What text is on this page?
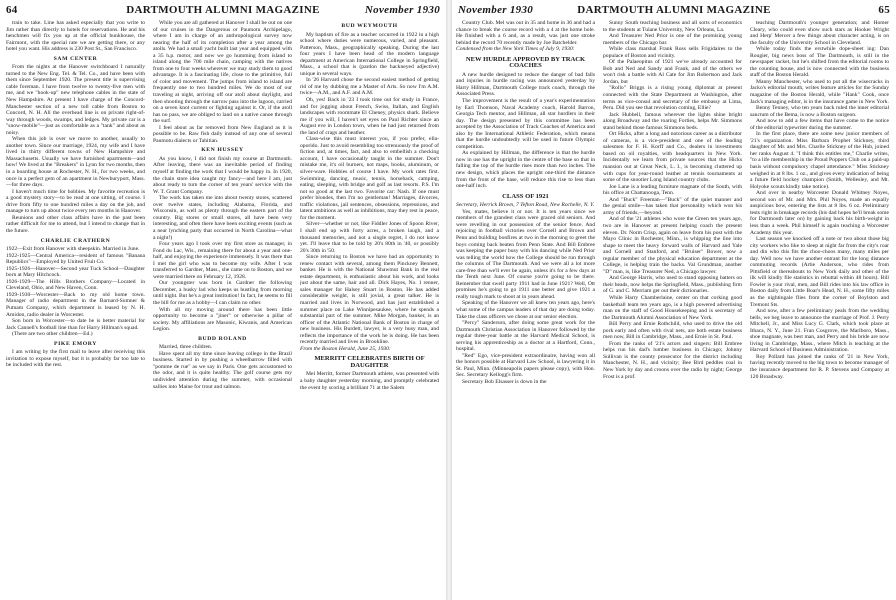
64	DARTMOUTH ALUMNI MAGAZINE	November 1930

train to take. Line has asked especially that you write to Jim rather than directly to hotels for reservations. He and his henchmen will fix you up at the official bunkhouse, the Fairmont, with the special rate we are getting there, or any hotel you want. His address is 230 Post St., San Francisco.

SAM CENTER

From the nights at the Hanover switchboard I naturally turned to the New Eng. Tel. & Tel. Co., and have been with them since September 1920. The present title is supervising cable foreman. I have from twelve to twenty-five men with me, and we "hook-up" new telephone cables in the state of New Hampshire. At present I have charge of the Concord-Manchester section of a new toll cable from Boston to Concord, N. H. All the overhead line is on private right-of-way through woods, swamps, and ledges. My private car is a "snow-mobile"—just as comfortable as a "tank" and about as noisy.

When this job is over we move to another, usually to another town. Since our marriage, 1924, my wife and I have lived in thirty different towns of New Hampshire and Massachusetts. Usually we have furnished apartments—and how! We lived at the "Breakers" in Lynn for two months, then in a boarding house at Rochester, N. H., for two weeks, and once in a perfect gem of an apartment in Newburyport, Mass.—for three days.

I haven't much time for hobbies. My favorite recreation is a good mystery story—to be read at one sitting, of course. I drive from fifty to one hundred miles a day on the job, and manage to turn up about twice every ten months in Hanover.

Reunions and other class affairs have in the past been rather difficult for me to attend, but I intend to change that in the future.

CHARLIE CRATHERN

1922—Exit from Hanover with sheepskin. Married in June.

1922-1925—Central America—resident of famous "Banana Republics"—Employed by United Fruit Co.

1925-1926—Hanover—Second year Tuck School—Daughter born at Mary Hitchcock.

1926-1929—The Hills Brothers Company—Located in Cleveland, Ohio, and New Haven, Conn.

1929-1930—Worcester—Back to my old home town. Manager of radio department in the Barnard-Sumner & Putnam Company, which department is leased by N. H. Amidon, radio dealer in Worcester.

Son born in Worcester—to date he is better material for Jack Cannell's football line than for Harry Hillman's squad.

(There are two other children—Ed.)

PIKE EMORY

I am writing by the first mail to leave after receiving this invitation to expose myself, but it is probably far too late to be included with the rest.

While you are all gathered at Hanover I shall be out on one of our cruises in the Dangerous or Paumotu Archipelago, where I am in charge of an anthropological survey now nearing the half of its completion after a year among the atolls. We had a small yacht built last year and equipped with a 35 h.p. motor, and now we go humming from island to island along the 700 mile chain, camping with the natives from one to four weeks wherever we may study them to good advantage. It is a fascinating life, close to the primitive, full of color and movement. The jumps from island to island are frequently one to two hundred miles. We do most of our traveling at night, arriving off our atoll about daylight, and then shooting through the narrow pass into the lagoon, carried on a seven knot current or fighting against it. Or, if the atoll has no pass, we are obliged to land on a native canoe through the surf.

I feel about as far removed from New England as it is possible to be. Raw fish daily instead of any one of several Paumotu dialects or Tahitian.

KEN HUSSEY

As you know, I did not finish my course at Dartmouth. After leaving, there was an inevitable period of finding myself at finding the work that I would be happy in. In 1920, the chain store idea caught my fancy—and here I am, just about ready to turn the corner of ten years' service with the W. T. Grant Company.

The work has taken me into about twenty stores, scattered over twelve states, including Alabama, Florida, and Wisconsin, as well as plenty through the eastern part of the country. Big stores or small stores, all have been very interesting, and often there have been exciting events (such as a near lynching party that occurred in North Carolina—what a night!)

Four years ago I took over my first store as manager, in Fond du Lac, Wis., remaining there for about a year and one-half, and enjoying the experience immensely. It was there that I met the girl who was to become my wife. After I was transferred to Gardner, Mass., she came on to Boston, and we were married there on February 12, 1928.

Our youngster was born in Gardner the following December, a husky lad who keeps us hustling from morning until night. But he's a great institution! In fact, he seems to fill the bill for me as a hobby—I can claim no other.

With all my moving around there has been little opportunity to become a "jiner" or otherwise a pillar of society. My affiliations are Masonic, Kiwanis, and American Legion.

BUDD ROLAND

Married, three children.

Have spent all my time since leaving college in the Brazil business. Started in by pushing a wheelbarrow filled with "pomme de rue" as we say in Paris. One gets accustomed to the odor, and it is quite healthy. The golf course gets my undivided attention during the summer, with occasional sallies into Maine for trout and salmon.

BUD WEYMOUTH

My baptism of fire as a teacher occurred in 1922 in a high school where duties were numerous, varied, and pleasant. Patterson, Mass., geographically speaking. During the last four years I have been head of the modern language department at American International College in Springfield, Mass., a school that is (pardon the hackneyed adjective) unique in several ways.

In '26 Harvard chose the second easiest method of getting rid of me by dubbing me a Master of Arts. So now I'm A.M. twice—A.M., and A.F. and A.M.

Oh, yes! Back in '23 I took time out for study in France, and for jogging about French, Swiss, Italian, and English landscapes with roommate El Cheney, physics shark. Believe me if you will, I haven't set eyes on Paul Richter since an August eve in London town, when he had just returned from the land of crags and heather.

Class-wise this must interest you, if you prefer, ella-oporido. Just to avoid resembling too strenuously the proof of fiction and, at times, fact, and also to embellish a checking account, I have occasionally taught in the summer. Don't mistake me, it's oil burners, not maps, books, aluminum, or silver-ware. Hobbies of course I have. My work rates first. Swimming, dancing, music, tennis, horseback, camping, eating, sleeping, with bridge and golf as last resorts. P.S. I'm not so good at the last two. Favorite car: Nash. If one must prefer blondes, then I'm no gentleman! Marriages, divorces, traffic violations, jail sentences, obsessions, repressions, and latent ambitions as well as inhibitions, may they rest in peace, for the moment.

Silver—whether or not, like Fiddler Jones of Spoon River, I shall end up with forty acres, a broken laugh, and a thousand memories, and not a single regret, I do not know yet. I'll leave that to be told by 20's 80th in '40, or possibly 20's 30th in '50.

Since returning to Boston we have had an opportunity to renew contact with several, among them Pinckney Bennett, banker. He is with the National Shawmut Bank in the real estate department, is enthusiastic about his work, and looks just about the same, hair and all. Dick Hayes, No. 1 renner, sales manager for Halsey Stuart in Boston. He has added considerable weight, is still jovial, a great talker. He is married and lives in Norwood, and has just established a summer place on Lake Winnipesaukee, where he spends a substantial part of the summer. Mike Morgan, banker, is an officer of the Atlantic National Bank of Boston in charge of new business. His Burdett, lawyer, is a very busy man, and reflects the importance of the work he is doing. He has been recently married and lives in Brookline.

From the Boston Herald, June 25, 1930:

MERRITT CELEBRATES BIRTH OF DAUGHTER

Mel Merritt, former Dartmouth athlete, was presented with a baby daughter yesterday morning, and promptly celebrated the event by scoring a brilliant 71 at the Salem

November 1930	DARTMOUTH ALUMNI MAGAZINE	65

Country Club. Mel was out in 35 and home in 36 and had a chance to break the course record with a 4 at the home hole. He finished with a 6 and, as a result, was just one stroke behind the record 70 recently made by Joe Batchelder.

Condensed from the New York Times of July 9, 1930:

NEW HURDLE APPROVED BY TRACK COACHES

A new hurdle designed to reduce the danger of bad falls and injuries in hurdle racing was announced yesterday by Harry Hillman, Dartmouth College track coach, through the Associated Press.

The improvement is the result of a year's experimentation by Earl Thomson, Naval Academy coach, Harold Barron, Georgia Tech mentor, and Hillman, all star hurdlers in their day. The design presented by this committee has been accepted by the Association of Track Coaches of America and also by the International Athletic Federation, which means that the hurdle undoubtedly will be used in future Olympic competition.

As explained by Hillman, the difference is that the hurdle now in use has the upright in the centre of the base so that in falling the top of the hurdle rises more than two inches. The new design, which places the upright one-third the distance from the front of the base, will reduce this rise to less than one-half inch.

CLASS OF 1921

Secretary, Herrick Brown, 7 Tefton Road, New Rochelle, N. Y.

Yes, mates, believe it or not. It is ten years since we members of the grandest class were graced old seniors. And were revelling in our possession of the senior fence. And rejoicing in football victories over Cornell and Brown and Penn and building bonfires at two in the morning to greet the boys coming back beaten from Penn State. And Bill Embree was keeping the paper busy with his dancing while Ned Prior was telling the world how the College should be run through the columns of The Dartmouth. And we were all a lot more care-free than we'll ever be again, unless it's for a few days at the Tenth next June. Of course you're going to be there. Remember that swell party 1911 had in June 1921? Well, Ott promises he's going to go 1911 one better and give 1921 a really tough mark to shoot at in years ahead.

Speaking of the Hanover we all knew ten years ago, here's what some of the campus leaders of that day are doing today. Take the class officers we chose at our senior election.

"Percy" Sanderson, after doing some great work for the Dartmouth Christian Association in Hanover followed by the regular three-year battle at the Harvard Medical School, is serving his apprenticeship as a doctor at a Hartford, Conn., hospital.

"Red" Ego, vice-president extraordinaire, having won all the honors possible at Harvard Law School, is lawyering it in St. Paul, Minn. (Minneapolis papers please copy), with Hon. Sec. Secretary Kellogg's firm.

Secretary Bob Elsasser is down in the

Sunny South teaching business and all sorts of economics to the students at Tulane University, New Orleans, La.

And Treasurer Ned Prior is one of the promising young members of the Chicago bar.

While class marshal Frank Ross sells Frigidaires to the populace of Boston and vicinity.

Of the Palaeopitus of 1921 we've already accounted for Bob and Ned and Sandy and Frank, and of the others we won't risk a battle with Al Cate for Jim Robertson and Jack Jordan, but

"Rollo" Briggs is a rising young diplomat at present connected with the State Department at Washington, after terms as vice-consul and secretary of the embassy at Lima, Peru. Did you see that revolution coming, Ellie?

Jack Hubbell, famous wherever the lights shine bright along Broadway and the roaring Forties, helps Mr. Simmons stand behind those famous Simmons beds.

Ort Hicks, after a long and notorious career as a distributor of cameras, is a vice-president and one of the leading salesmen for F. H. Korff and Co., dealers in investments based on oil royalties, with headquarters in New York. Incidentally we learn from private sources that the Hicks mansion out at Great Neck, L. I., is becoming cluttered up with cups for year-round leather at tennis tournaments at some of the snootier Long Island country clubs.

Joe Lane is a leading furniture magnate of the South, with his office at Chattanooga, Tenn.

And "Buck" Freeman—"Buck" of the quiet manner and the genial smile—has taken that personality which won his army of friends,—beyond.

And of the '21 athletes who wore the Green ten years ago, two are in Hanover at present helping coach the present eleven. Dr. Norm Crisp, again on leave from his post with the Mayo Clinic in Rochester, Minn., is whipping the line into shape to meet the heavy forward walls of Harvard and Yale and Cornell and Stanford, and "Bruiser" Bower, now a regular member of the physical education department at the College, is helping train the backs. Val Grundman, another "D" man, is, like Treasurer Ned, a Chicago lawyer.

And George Harris, who used to stand opposing batters on their heads, now helps the Springfield, Mass., publishing firm of G. and C. Merriam get out their dictionaries.

While Harry Chamberlaine, center on that corking good basketball team ten years ago, is a high powered advertising man on the staff of Good Housekeeping and is secretary of the Dartmouth Alumni Association of New York.

Bill Perry and Ernie Rothchild, who used to drive the old pork early and often with rival nets, are both estate business men now, Bill in Cambridge, Mass., and Ernie in St. Paul.

From the ranks of '21's actors and singers: Bill Embree helps run his dad's lumber business in Chicago; Johnny Sullivan is the county prosecutor for the district including Manchester, N. H., and vicinity; Bee Bird peddles coal in New York by day and croons over the radio by night; George Frost is a prof.

teaching Dartmouth's younger generation; and Homer Cleary, who could even show such stars as Hooker Wright and Herp' Mercer a few things about character acting, is on the faculty of the University School in Cleveland.

While today finds the erstwhile dope-sheet ing: Dan Rougier, big news boss of The Dartmouth, is still in the newspaper racket, but he's shifted from the editorial rooms to the counting house, and is now connected with the business staff of the Boston Herald.

Manny Manchester, who used to put all the wisecracks in Jacko's editorial mouth, writes feature articles for the Sunday magazine of the Boston Herald, while "Hank" Cook, once Jack's managing editor, is in the insurance game in New York.

Benny Tenney, who ten years back ruled the inner editorial sanctum of the Bema, is now a Boston surgeon.

And now to add a few items that have come to the notice of the editorial typewriter during the summer.

In the first place, there are some new junior members of '21's organization. Miss Barbara Prophet Stickney, third daughter of Mr. and Mrs. Charlie Stickney of the Hub, joined her ranks August 4. "I think this entitles me," Charlie writes, "to a life membership in the Proud Poppers Club on a paid-up basis without compulsory chapel attendance." Miss Stickney weighed in at 8 lbs. 1 oz., and gives every indication of being a future field hockey champion (Smith, Wellesley, and Mt. Holyoke scouts kindly take notice).

And over in nearby Worcester Donald Whitney Noyes, second son of Mr. and Mrs. Phil Noyes, made an equally auspicious bow, entering the lists at 8 lbs. 6 oz. Preliminary tests right in breakage records (his dad hopes he'll break some for Dartmouth later on) by gaining back his birth-weight in less than a week. Phil himself is again teaching a Worcester Academy this year.

Last season we knocked off a note or two about those big city workers who like to sleep at night far from the city's roar and din who this fits the choo-choos many, many miles per day. Well now we have another entrant for the long distance commuting records (Artie Anderson, who rides from Pittsfield or thereabouts to New York daily and other of the ilk will kindly file statistics in rebuttal within 48 hours). Bill Fowler is your rival, men, and Bill rides into his law office in Boston daily from Little Boar's Head, N. H., some fifty miles as the nightingale flies from the corner of Boylston and Tremont Sts.

And now, after a few preliminary peals from the wedding bells, we beg leave to announce the marriage of Prof. J. Perry Mitchell, Jr., and Miss Lucy G. Clark, which took place at Ithaca, N. Y., June 21. Fran Cosgrove, the Marlboro, Mass., shoe magnate, was best man, and Perry and his bride are now living in Cambridge, Mass., where Mitch is teaching at the Harvard School of Business Administration.

Roy Pollard has joined the ranks of '21 in New York, having recently moved to the big town to become manager of the insurance department for R. P. Stevens and Company at 120 Broadway.
